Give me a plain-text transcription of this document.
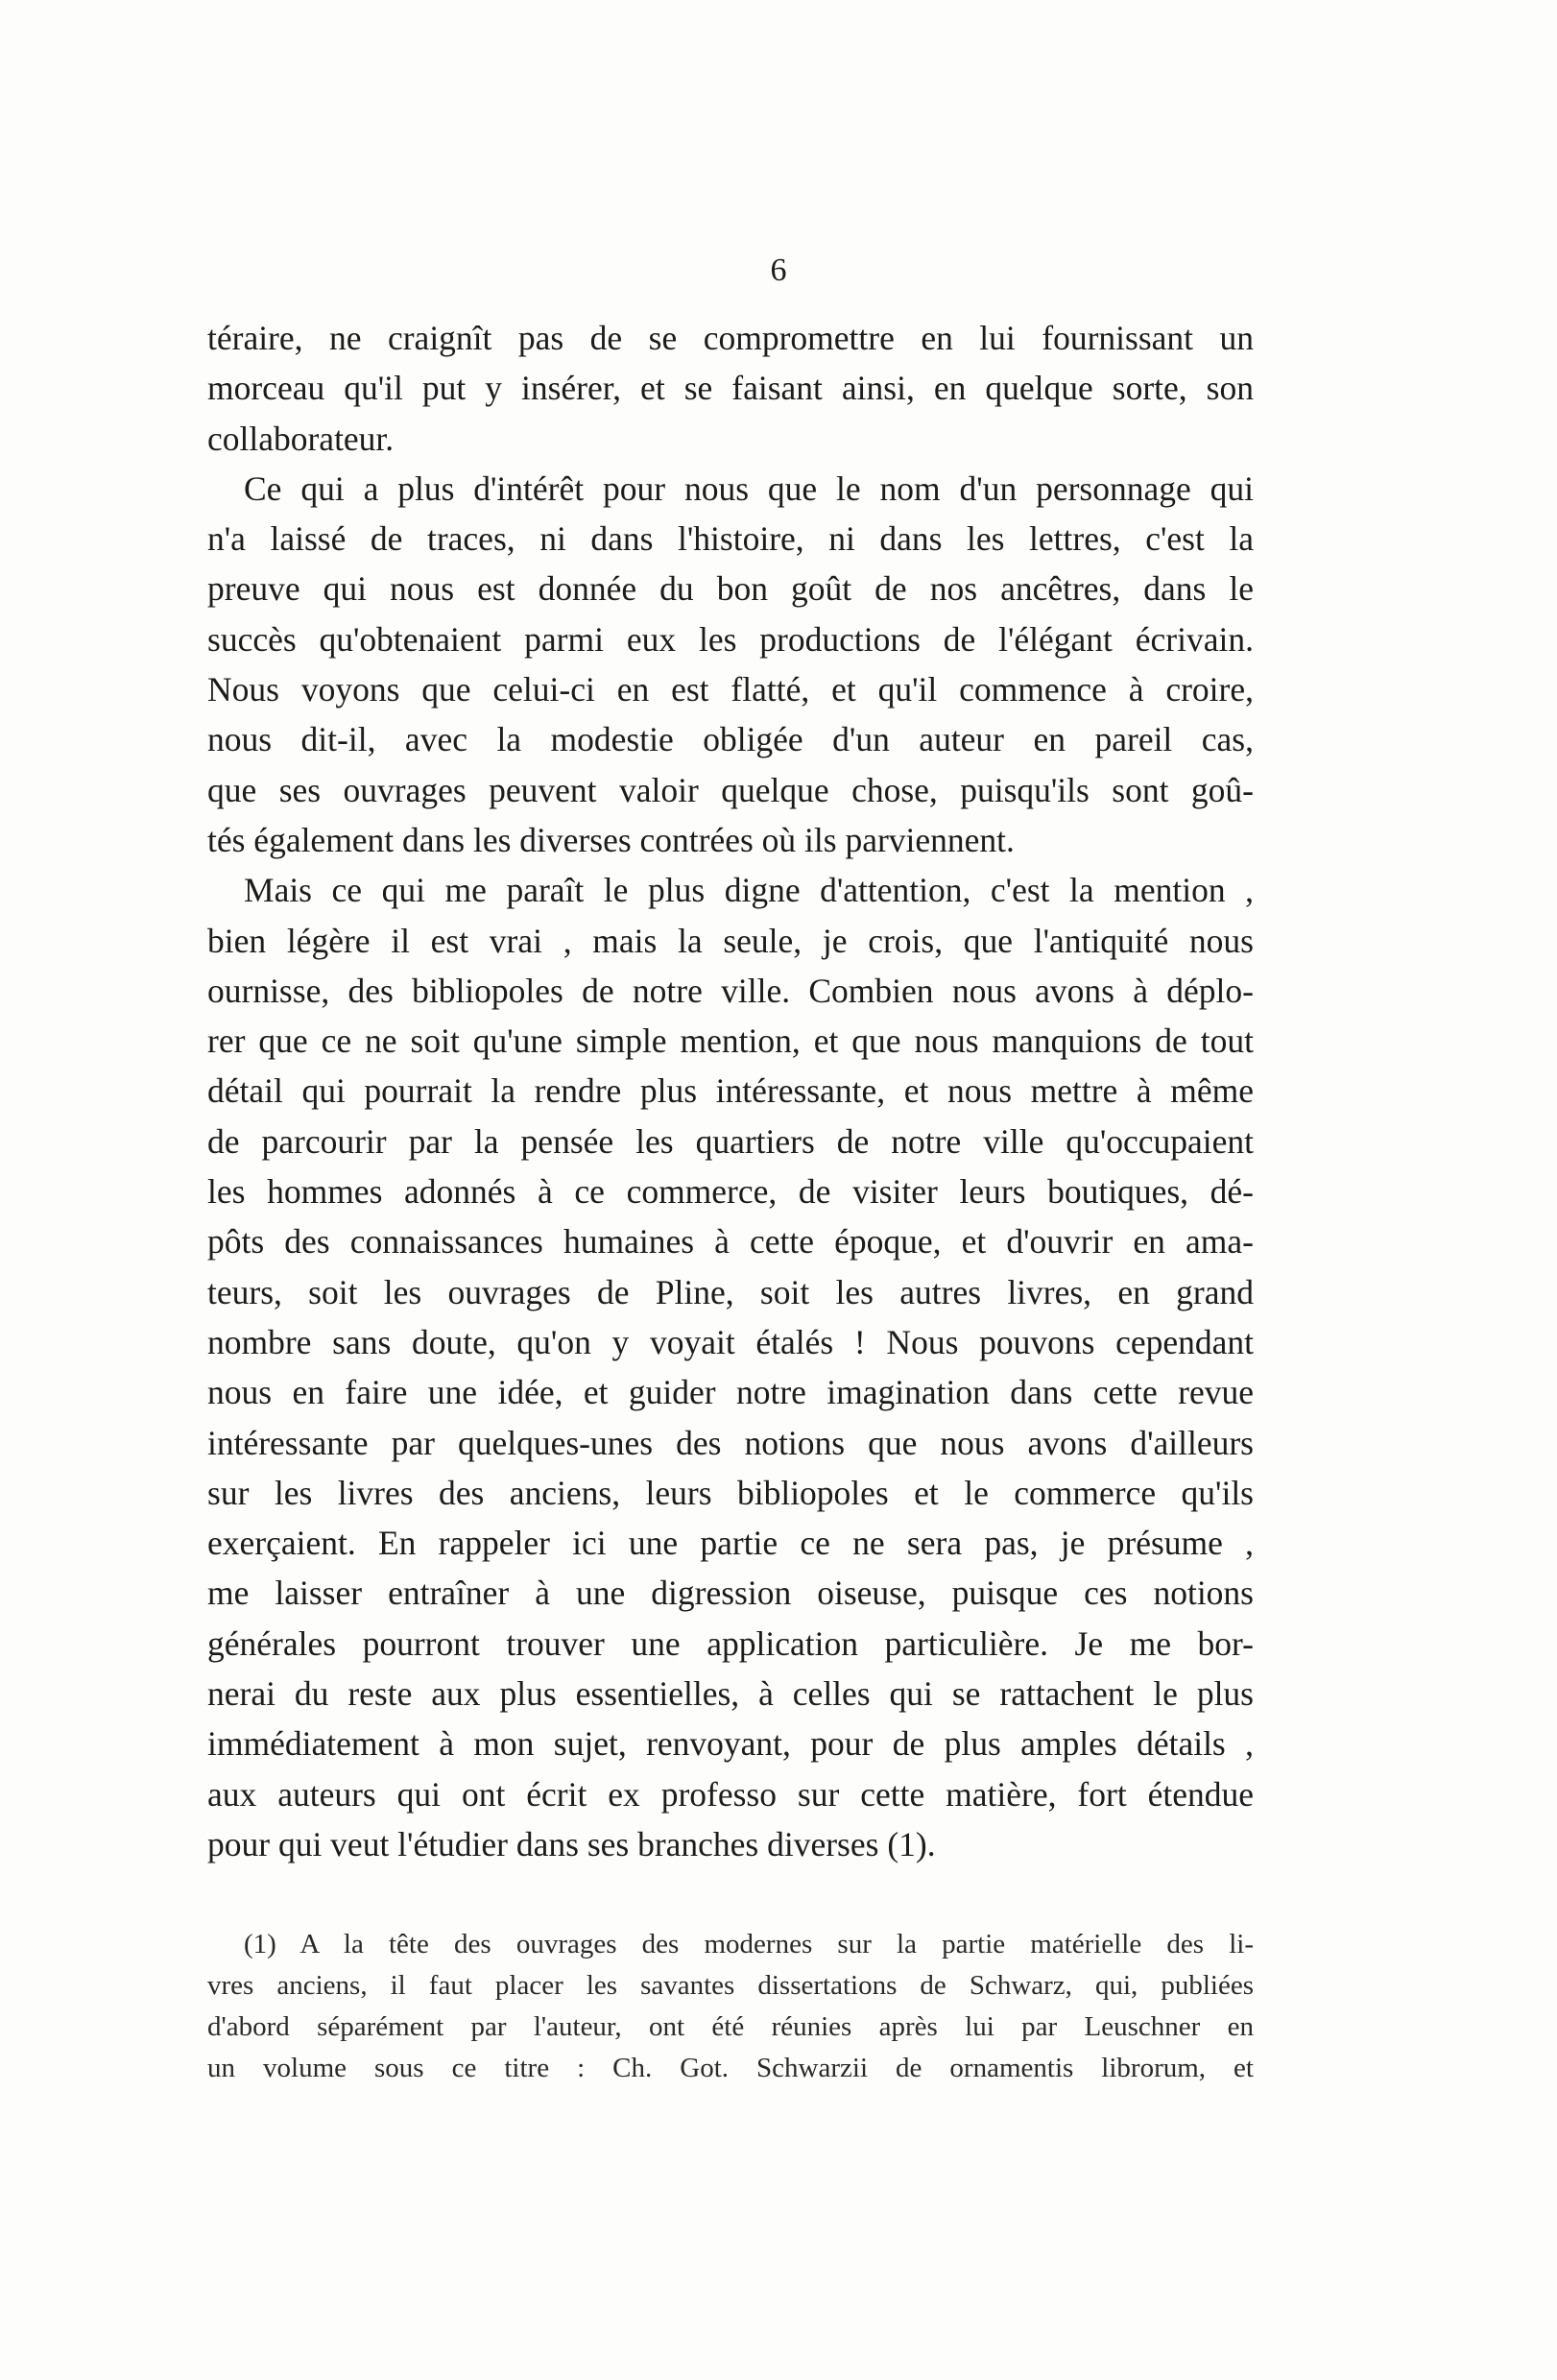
6
téraire, ne craignît pas de se compromettre en lui fournissant un
morceau qu'il put y insérer, et se faisant ainsi, en quelque sorte, son
collaborateur.
Ce qui a plus d'intérêt pour nous que le nom d'un personnage qui
n'a laissé de traces, ni dans l'histoire, ni dans les lettres, c'est la
preuve qui nous est donnée du bon goût de nos ancêtres, dans le
succès qu'obtenaient parmi eux les productions de l'élégant écrivain.
Nous voyons que celui-ci en est flatté, et qu'il commence à croire,
nous dit-il, avec la modestie obligée d'un auteur en pareil cas,
que ses ouvrages peuvent valoir quelque chose, puisqu'ils sont goû-
tés également dans les diverses contrées où ils parviennent.
Mais ce qui me paraît le plus digne d'attention, c'est la mention ,
bien légère il est vrai , mais la seule, je crois, que l'antiquité nous
ournisse, des bibliopoles de notre ville. Combien nous avons à déplo-
rer que ce ne soit qu'une simple mention, et que nous manquions de tout
détail qui pourrait la rendre plus intéressante, et nous mettre à même
de parcourir par la pensée les quartiers de notre ville qu'occupaient
les hommes adonnés à ce commerce, de visiter leurs boutiques, dé-
pôts des connaissances humaines à cette époque, et d'ouvrir en ama-
teurs, soit les ouvrages de Pline, soit les autres livres, en grand
nombre sans doute, qu'on y voyait étalés ! Nous pouvons cependant
nous en faire une idée, et guider notre imagination dans cette revue
intéressante par quelques-unes des notions que nous avons d'ailleurs
sur les livres des anciens, leurs bibliopoles et le commerce qu'ils
exerçaient. En rappeler ici une partie ce ne sera pas, je présume ,
me laisser entraîner à une digression oiseuse, puisque ces notions
générales pourront trouver une application particulière. Je me bor-
nerai du reste aux plus essentielles, à celles qui se rattachent le plus
immédiatement à mon sujet, renvoyant, pour de plus amples détails ,
aux auteurs qui ont écrit ex professo sur cette matière, fort étendue
pour qui veut l'étudier dans ses branches diverses (1).
(1) A la tête des ouvrages des modernes sur la partie matérielle des li-
vres anciens, il faut placer les savantes dissertations de Schwarz, qui, publiées
d'abord séparément par l'auteur, ont été réunies après lui par Leuschner en
un volume sous ce titre : Ch. Got. Schwarzii de ornamentis librorum, et
